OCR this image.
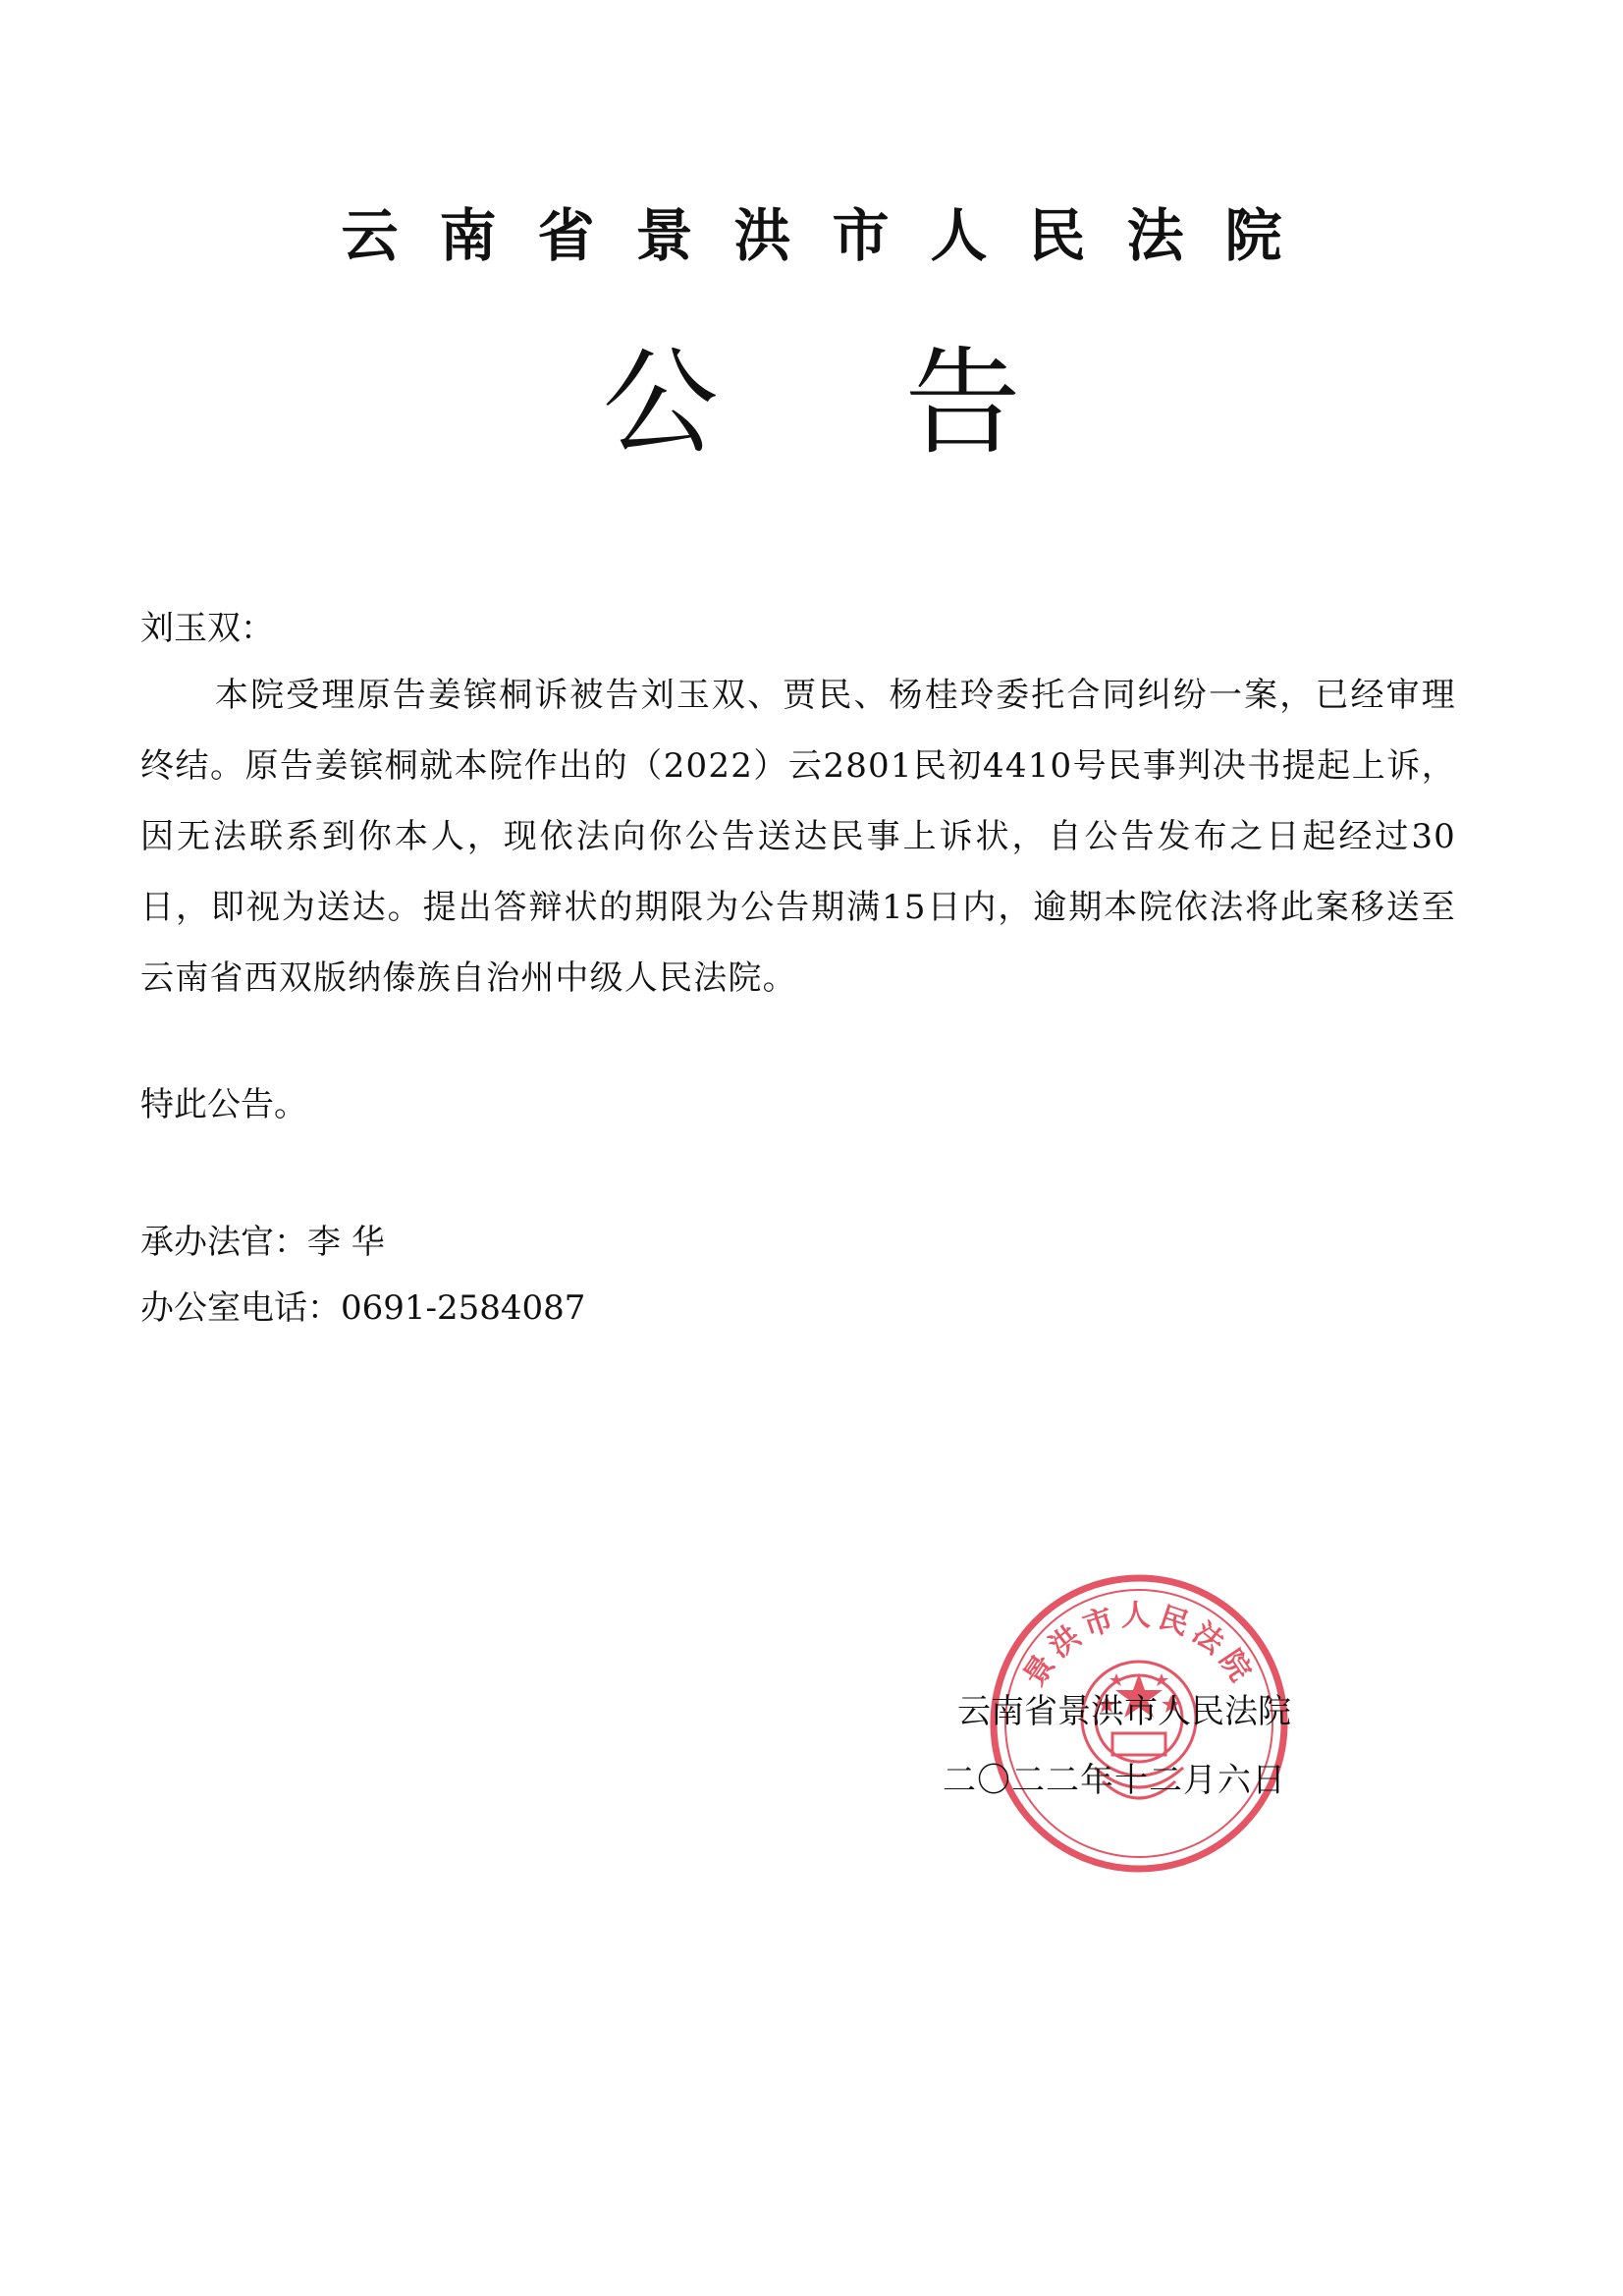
云南省景洪市人民法院
公告
刘玉双：
本院受理原告姜镔桐诉被告刘玉双、贾民、杨桂玲委托合同纠纷一案，已经审理终结。原告姜镔桐就本院作出的（2022）云2801民初4410号民事判决书提起上诉，因无法联系到你本人，现依法向你公告送达民事上诉状，自公告发布之日起经过30日，即视为送达。提出答辩状的期限为公告期满15日内，逾期本院依法将此案移送至云南省西双版纳傣族自治州中级人民法院。
特此公告。
承办法官：李 华
办公室电话：0691-2584087
景洪市人民法院
云南省景洪市人民法院
二〇二二年十二月六日
